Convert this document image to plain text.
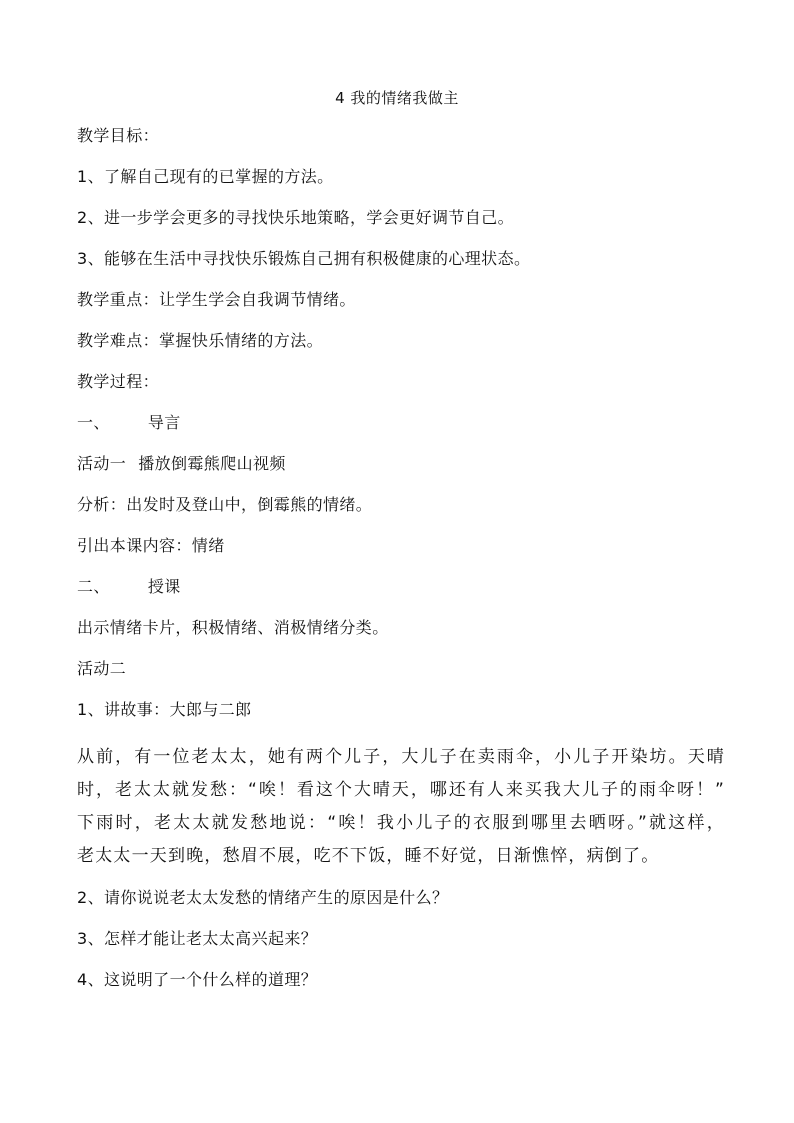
4 我的情绪我做主
教学目标：
1、了解自己现有的已掌握的方法。
2、进一步学会更多的寻找快乐地策略，学会更好调节自己。
3、能够在生活中寻找快乐锻炼自己拥有积极健康的心理状态。
教学重点：让学生学会自我调节情绪。
教学难点：掌握快乐情绪的方法。
教学过程：
一、 导言
活动一 播放倒霉熊爬山视频
分析：出发时及登山中，倒霉熊的情绪。
引出本课内容：情绪
二、 授课
出示情绪卡片，积极情绪、消极情绪分类。
活动二
1、讲故事：大郎与二郎
从前，有一位老太太，她有两个儿子，大儿子在卖雨伞，小儿子开染坊。天晴
时，老太太就发愁：“唉！看这个大晴天，哪还有人来买我大儿子的雨伞呀！”
下雨时，老太太就发愁地说：“唉！我小儿子的衣服到哪里去晒呀。”就这样，
老太太一天到晚，愁眉不展，吃不下饭，睡不好觉，日渐憔悴，病倒了。
2、请你说说老太太发愁的情绪产生的原因是什么？
3、怎样才能让老太太高兴起来？
4、这说明了一个什么样的道理？
